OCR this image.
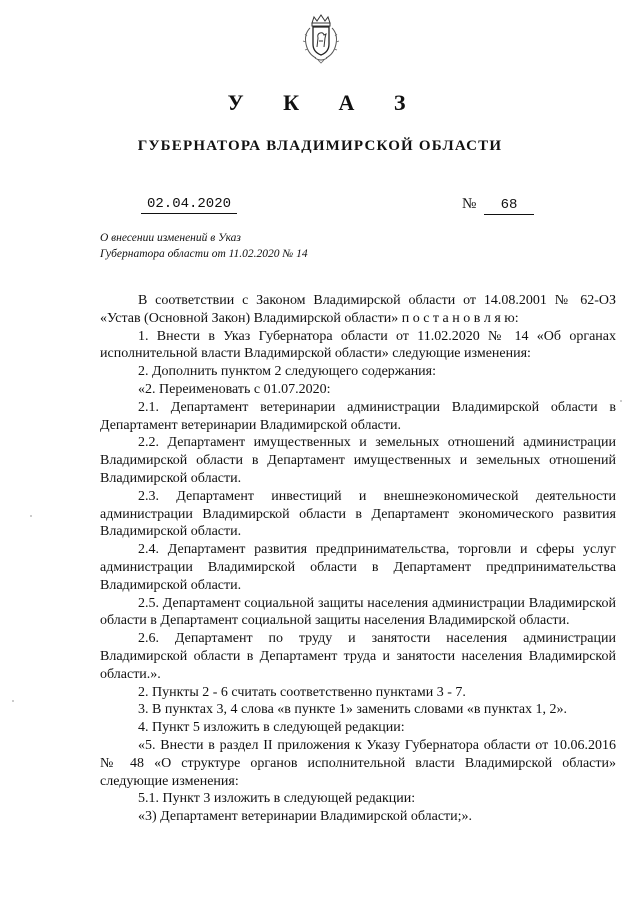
У К А З
ГУБЕРНАТОРА ВЛАДИМИРСКОЙ ОБЛАСТИ
02.04.2020	№ 68
О внесении изменений в Указ
Губернатора области от 11.02.2020 № 14

В соответствии с Законом Владимирской области от 14.08.2001 № 62-ОЗ «Устав (Основной Закон) Владимирской области» п о с т а н о в л я ю:

1. Внести в Указ Губернатора области от 11.02.2020 № 14 «Об органах исполнительной власти Владимирской области» следующие изменения:

2. Дополнить пунктом 2 следующего содержания:

«2. Переименовать с 01.07.2020:

2.1. Департамент ветеринарии администрации Владимирской области в Департамент ветеринарии Владимирской области.

2.2. Департамент имущественных и земельных отношений администрации Владимирской области в Департамент имущественных и земельных отношений Владимирской области.

2.3. Департамент инвестиций и внешнеэкономической деятельности администрации Владимирской области в Департамент экономического развития Владимирской области.

2.4. Департамент развития предпринимательства, торговли и сферы услуг администрации Владимирской области в Департамент предпринимательства Владимирской области.

2.5. Департамент социальной защиты населения администрации Владимирской области в Департамент социальной защиты населения Владимирской области.

2.6. Департамент по труду и занятости населения администрации Владимирской области в Департамент труда и занятости населения Владимирской области.».

2. Пункты 2 - 6 считать соответственно пунктами 3 - 7.

3. В пунктах 3, 4 слова «в пункте 1» заменить словами «в пунктах 1, 2».

4. Пункт 5 изложить в следующей редакции:

«5. Внести в раздел II приложения к Указу Губернатора области от 10.06.2016 № 48 «О структуре органов исполнительной власти Владимирской области» следующие изменения:

5.1. Пункт 3 изложить в следующей редакции:

«3) Департамент ветеринарии Владимирской области;».
